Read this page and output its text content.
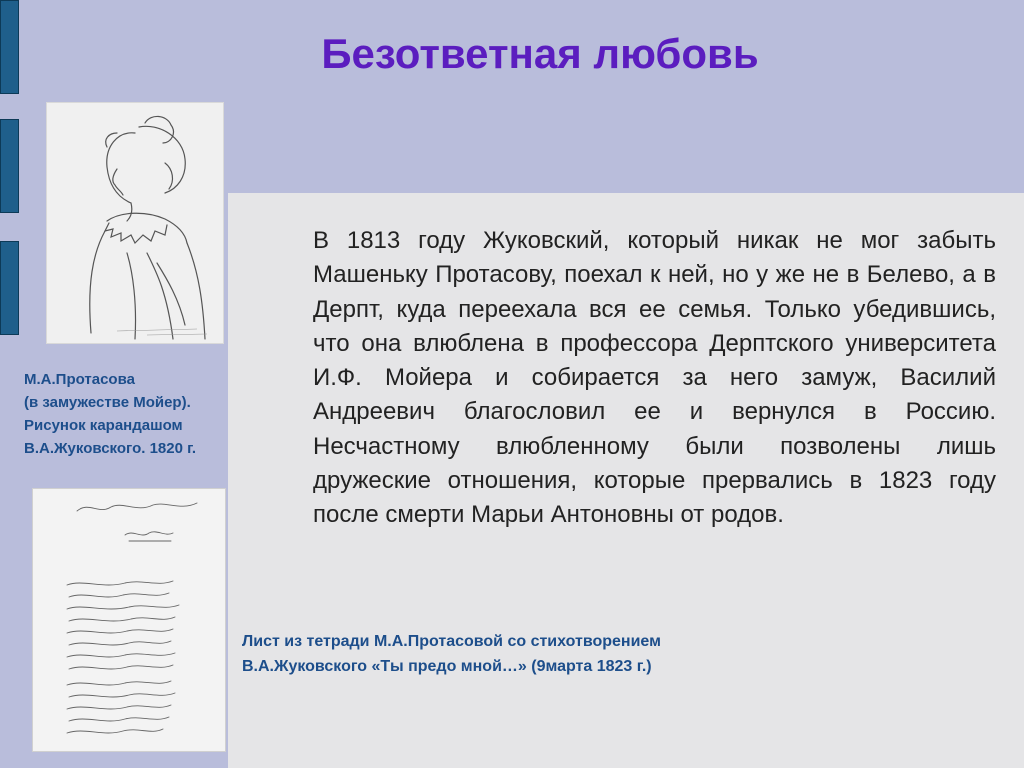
Безответная любовь
М.А.Протасова
(в замужестве Мойер).
Рисунок карандашом
В.А.Жуковского. 1820 г.

В 1813 году Жуковский, который никак не мог забыть Машеньку Протасову, поехал к ней, но у же не в Белево, а в Дерпт, куда переехала вся ее семья. Только убедившись, что она влюблена в профессора Дерптского университета И.Ф. Мойера и собирается за него замуж, Василий Андреевич благословил ее и вернулся в Россию. Несчастному влюбленному были позволены лишь дружеские отношения, которые прервались в 1823 году после смерти Марьи Антоновны от родов.

Лист из тетради М.А.Протасовой со стихотворением
В.А.Жуковского «Ты предо мной…» (9марта 1823 г.)
